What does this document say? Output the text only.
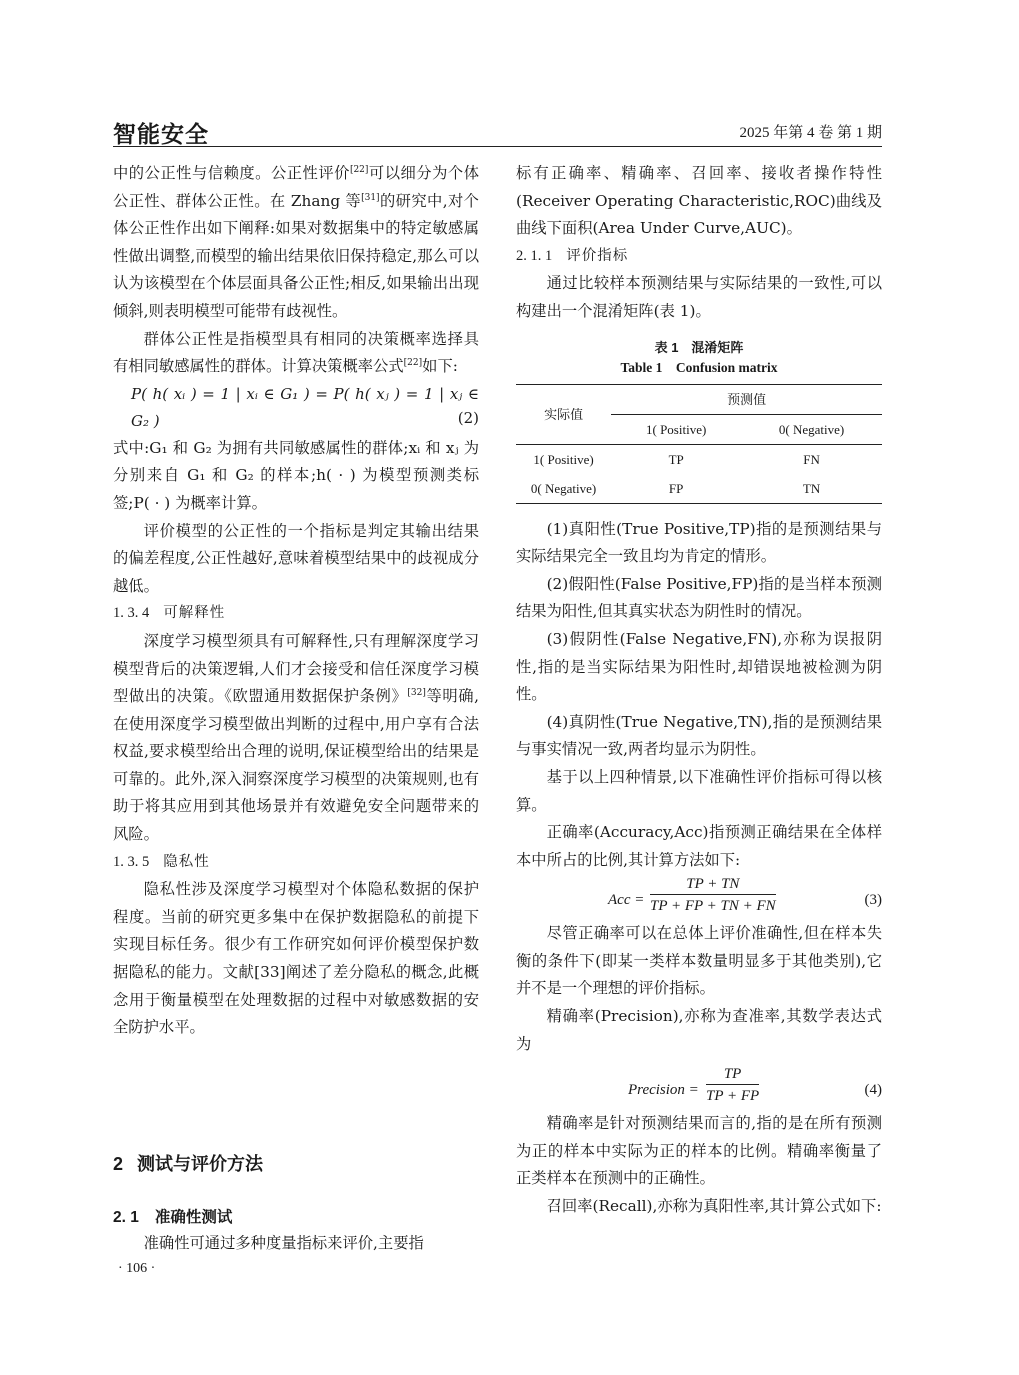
智能安全	2025 年第 4 卷 第 1 期

中的公正性与信赖度。公正性评价[22]可以细分为个体公正性、群体公正性。在 Zhang 等[31]的研究中,对个体公正性作出如下阐释:如果对数据集中的特定敏感属性做出调整,而模型的输出结果依旧保持稳定,那么可以认为该模型在个体层面具备公正性;相反,如果输出出现倾斜,则表明模型可能带有歧视性。

群体公正性是指模型具有相同的决策概率选择具有相同敏感属性的群体。计算决策概率公式[22]如下:

P( h( xᵢ ) = 1 | xᵢ ∈ G₁ ) = P( h( xⱼ ) = 1 | xⱼ ∈ G₂ )	(2)

式中:G₁ 和 G₂ 为拥有共同敏感属性的群体;xᵢ 和 xⱼ 为分别来自 G₁ 和 G₂ 的样本;h( · ) 为模型预测类标签;P( · ) 为概率计算。

评价模型的公正性的一个指标是判定其输出结果的偏差程度,公正性越好,意味着模型结果中的歧视成分越低。

1. 3. 4 可解释性

深度学习模型须具有可解释性,只有理解深度学习模型背后的决策逻辑,人们才会接受和信任深度学习模型做出的决策。《欧盟通用数据保护条例》[32]等明确,在使用深度学习模型做出判断的过程中,用户享有合法权益,要求模型给出合理的说明,保证模型给出的结果是可靠的。此外,深入洞察深度学习模型的决策规则,也有助于将其应用到其他场景并有效避免安全问题带来的风险。

1. 3. 5 隐私性

隐私性涉及深度学习模型对个体隐私数据的保护程度。当前的研究更多集中在保护数据隐私的前提下实现目标任务。很少有工作研究如何评价模型保护数据隐私的能力。文献[33]阐述了差分隐私的概念,此概念用于衡量模型在处理数据的过程中对敏感数据的安全防护水平。

2 测试与评价方法
2. 1 准确性测试

准确性可通过多种度量指标来评价,主要指

· 106 ·

标有正确率、精确率、召回率、接收者操作特性(Receiver Operating Characteristic,ROC)曲线及曲线下面积(Area Under Curve,AUC)。

2. 1. 1 评价指标

通过比较样本预测结果与实际结果的一致性,可以构建出一个混淆矩阵(表 1)。

表 1　混淆矩阵
Table 1　Confusion matrix
实际值	预测值	
	1( Positive)	0( Negative)
1( Positive)	TP	FN
0( Negative)	FP	TN

(1)真阳性(True Positive,TP)指的是预测结果与实际结果完全一致且均为肯定的情形。

(2)假阳性(False Positive,FP)指的是当样本预测结果为阳性,但其真实状态为阴性时的情况。

(3)假阴性(False Negative,FN),亦称为误报阴性,指的是当实际结果为阳性时,却错误地被检测为阴性。

(4)真阴性(True Negative,TN),指的是预测结果与事实情况一致,两者均显示为阴性。

基于以上四种情景,以下准确性评价指标可得以核算。

正确率(Accuracy,Acc)指预测正确结果在全体样本中所占的比例,其计算方法如下:

Acc = $\frac{TP + TN}{TP + FP + TN + FN}$	(3)

尽管正确率可以在总体上评价准确性,但在样本失衡的条件下(即某一类样本数量明显多于其他类别),它并不是一个理想的评价指标。

精确率(Precision),亦称为查准率,其数学表达式为

Precision = $\frac{TP}{TP + FP}$	(4)

精确率是针对预测结果而言的,指的是在所有预测为正的样本中实际为正的样本的比例。精确率衡量了正类样本在预测中的正确性。

召回率(Recall),亦称为真阳性率,其计算公式如下:
